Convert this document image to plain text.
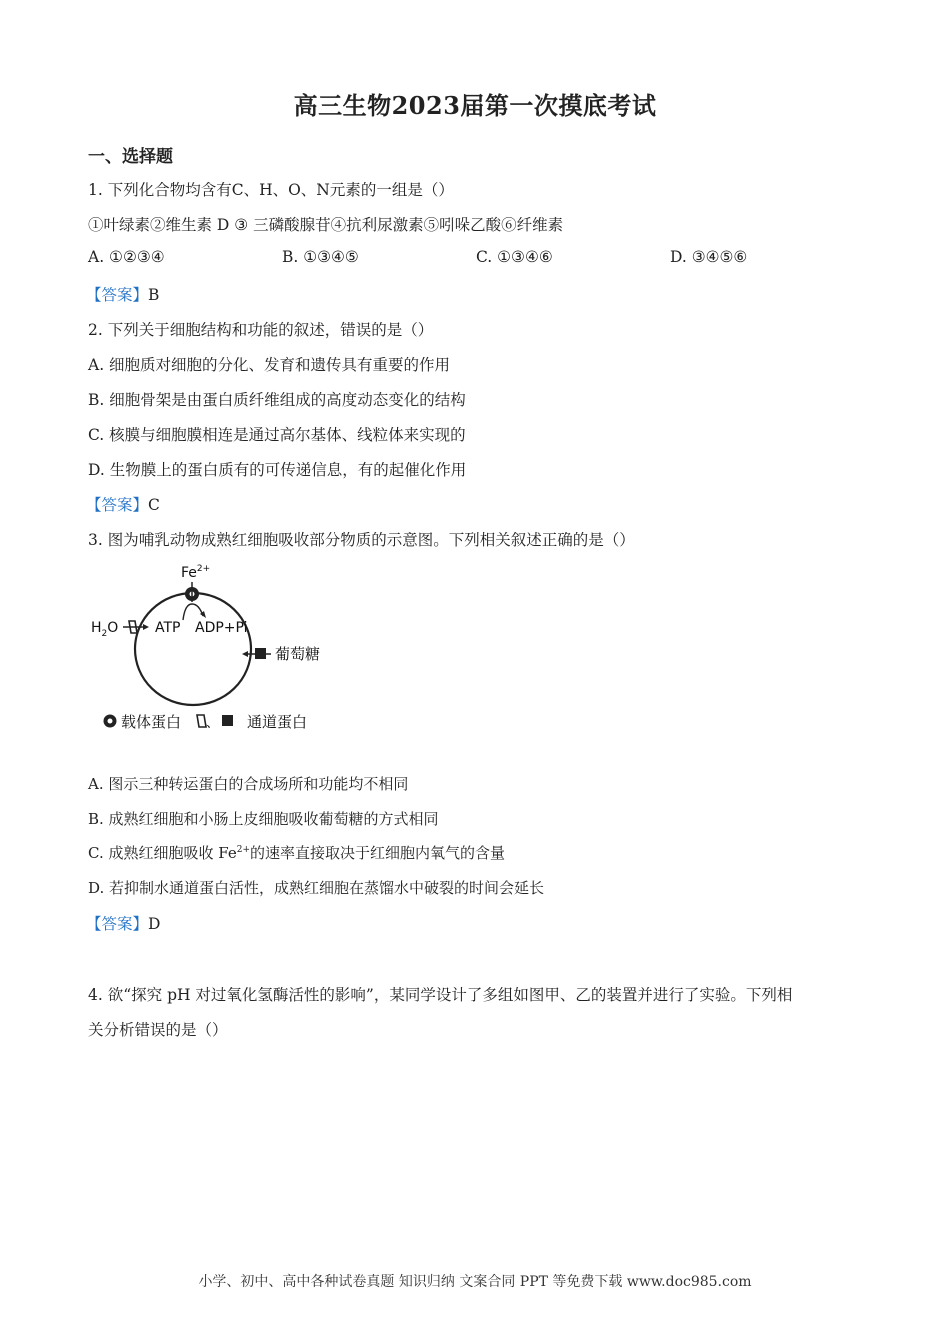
高三生物2023届第一次摸底考试
一、选择题
1. 下列化合物均含有C、H、O、N元素的一组是（）
①叶绿素②维生素 D ③ 三磷酸腺苷④抗利尿激素⑤吲哚乙酸⑥纤维素
A. ①②③④	B. ①③④⑤	C. ①③④⑥	D. ③④⑤⑥
【答案】B
2. 下列关于细胞结构和功能的叙述，错误的是（）
A. 细胞质对细胞的分化、发育和遗传具有重要的作用
B. 细胞骨架是由蛋白质纤维组成的高度动态变化的结构
C. 核膜与细胞膜相连是通过高尔基体、线粒体来实现的
D. 生物膜上的蛋白质有的可传递信息，有的起催化作用
【答案】C
3. 图为哺乳动物成熟红细胞吸收部分物质的示意图。下列相关叙述正确的是（）
$Fe^{2+}$
ATP ADP+Pi
$H_2O$
葡萄糖
载体蛋白 、 通道蛋白
A. 图示三种转运蛋白的合成场所和功能均不相同
B. 成熟红细胞和小肠上皮细胞吸收葡萄糖的方式相同
C. 成熟红细胞吸收 $Fe^{2+}$的速率直接取决于红细胞内氧气的含量
D. 若抑制水通道蛋白活性，成熟红细胞在蒸馏水中破裂的时间会延长
【答案】D
4. 欲“探究 pH 对过氧化氢酶活性的影响”，某同学设计了多组如图甲、乙的装置并进行了实验。下列相
关分析错误的是（）
小学、初中、高中各种试卷真题 知识归纳 文案合同 PPT 等免费下载 www.doc985.com
